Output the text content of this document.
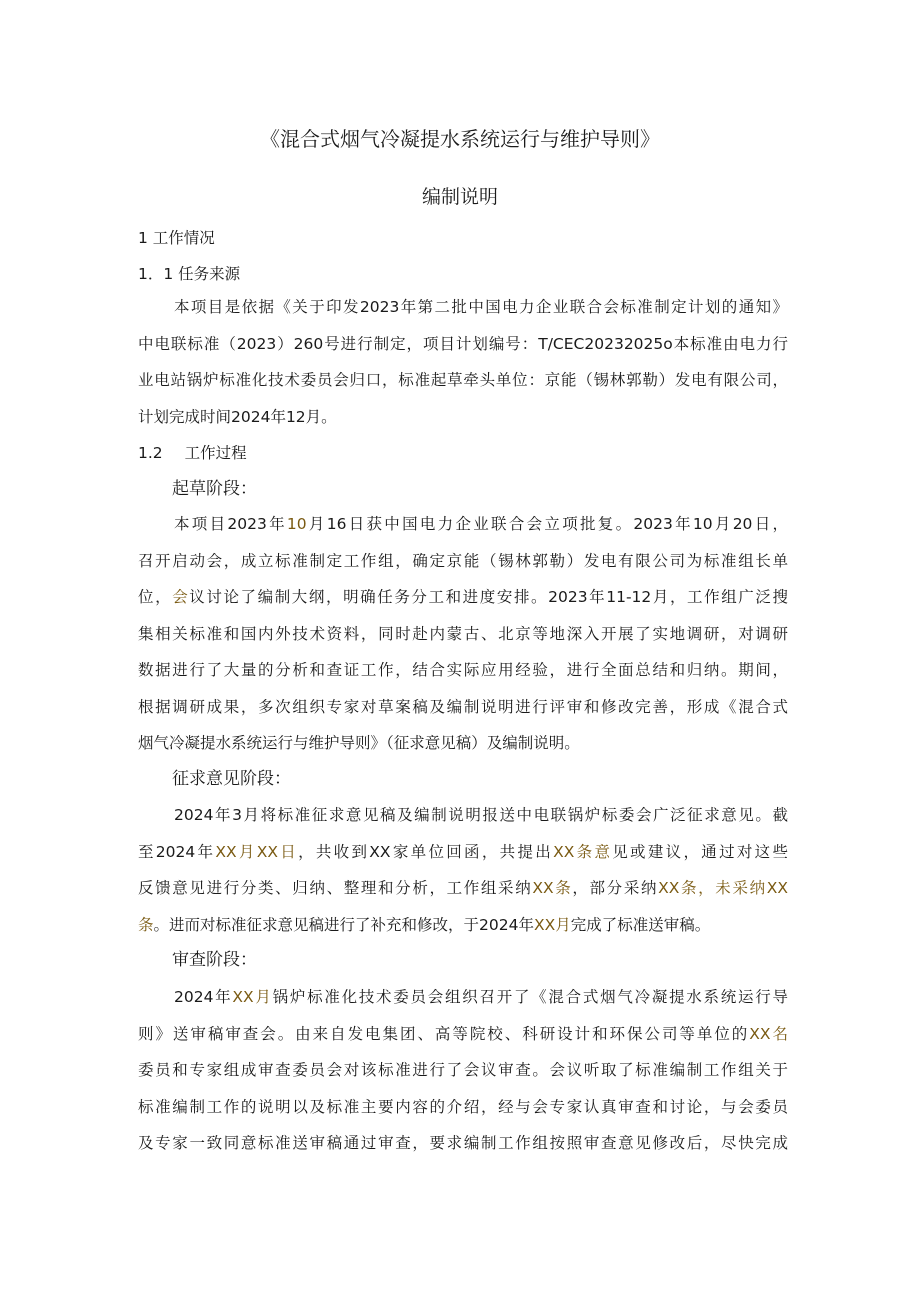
《混合式烟气冷凝提水系统运行与维护导则》
编制说明
1 工作情况
1．1 任务来源
本项目是依据《关于印发2023年第二批中国电力企业联合会标准制定计划的通知》
中电联标准（2023）260号进行制定，项目计划编号：T/CEC20232025o本标准由电力行
业电站锅炉标准化技术委员会归口，标准起草牵头单位：京能（锡林郭勒）发电有限公司，
计划完成时间2024年12月。
1.2 工作过程
起草阶段：
本项目2023年10月16日获中国电力企业联合会立项批复。2023年10月20日，
召开启动会，成立标准制定工作组，确定京能（锡林郭勒）发电有限公司为标准组长单
位，会议讨论了编制大纲，明确任务分工和进度安排。2023年11-12月，工作组广泛搜
集相关标准和国内外技术资料，同时赴内蒙古、北京等地深入开展了实地调研，对调研
数据进行了大量的分析和查证工作，结合实际应用经验，进行全面总结和归纳。期间，
根据调研成果，多次组织专家对草案稿及编制说明进行评审和修改完善，形成《混合式
烟气冷凝提水系统运行与维护导则》（征求意见稿）及编制说明。
征求意见阶段：
2024年3月将标准征求意见稿及编制说明报送中电联锅炉标委会广泛征求意见。截
至2024年XX月XX日，共收到XX家单位回函，共提出XX条意见或建议，通过对这些
反馈意见进行分类、归纳、整理和分析，工作组采纳XX条，部分采纳XX条，未采纳XX
条。进而对标准征求意见稿进行了补充和修改，于2024年XX月完成了标准送审稿。
审查阶段：
2024年XX月锅炉标准化技术委员会组织召开了《混合式烟气冷凝提水系统运行导
则》送审稿审查会。由来自发电集团、高等院校、科研设计和环保公司等单位的XX名
委员和专家组成审查委员会对该标准进行了会议审查。会议听取了标准编制工作组关于
标准编制工作的说明以及标准主要内容的介绍，经与会专家认真审查和讨论，与会委员
及专家一致同意标准送审稿通过审查，要求编制工作组按照审查意见修改后，尽快完成
